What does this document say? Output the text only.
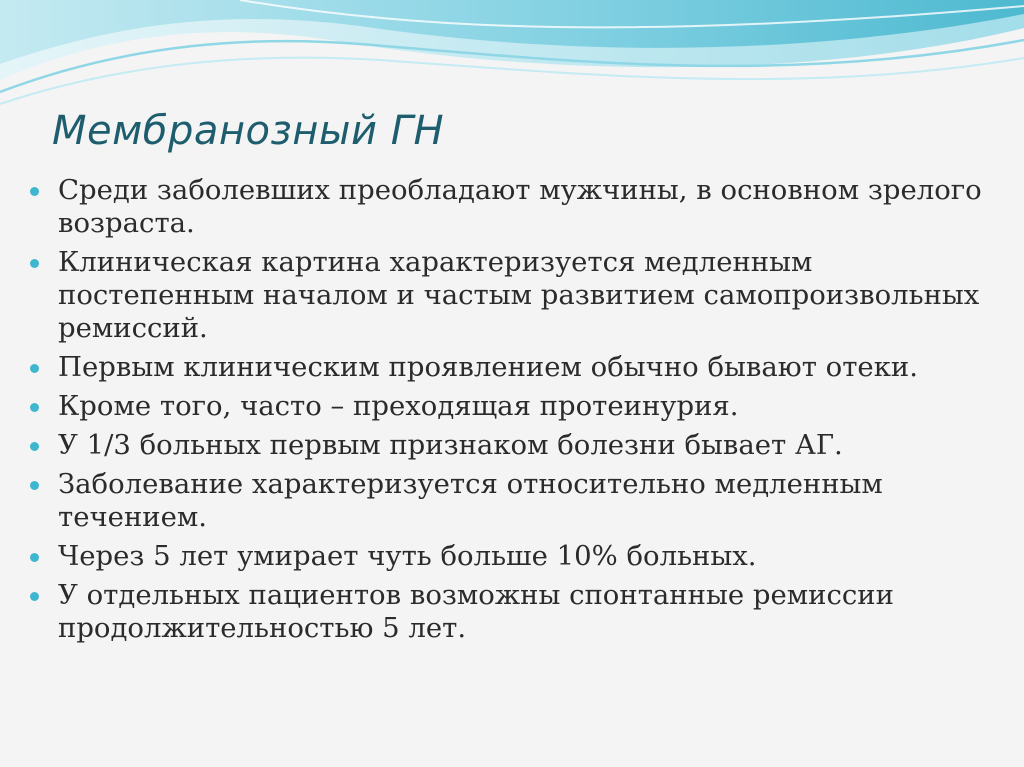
Мембранозный ГН
Среди заболевших преобладают мужчины, в основном зрелого возраста.
Клиническая картина характеризуется медленным постепенным началом и частым развитием самопроизвольных ремиссий.
Первым клиническим проявлением обычно бывают отеки.
Кроме того, часто – преходящая протеинурия.
У 1/3 больных первым признаком болезни бывает АГ.
Заболевание характеризуется относительно медленным течением.
Через 5 лет умирает чуть больше 10% больных.
У отдельных пациентов возможны спонтанные ремиссии продолжительностью 5 лет.
